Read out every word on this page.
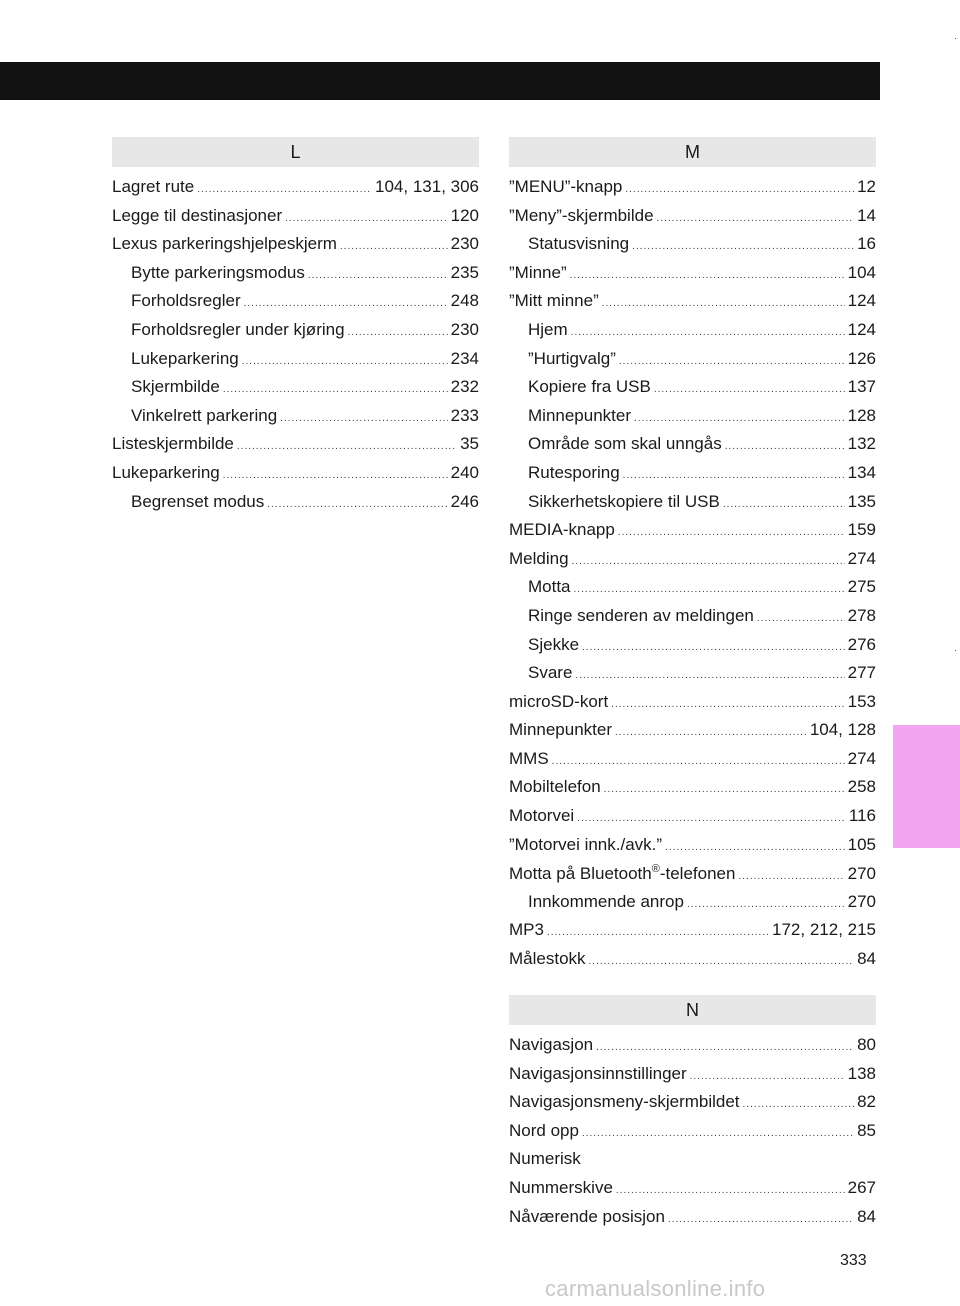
L
Lagret rute .....	104, 131, 306
Legge til destinasjoner .....	120
Lexus parkeringshjelpeskjerm .....	230
Bytte parkeringsmodus .....	235
Forholdsregler .....	248
Forholdsregler under kjøring .....	230
Lukeparkering .....	234
Skjermbilde .....	232
Vinkelrett parkering .....	233
Listeskjermbilde .....	35
Lukeparkering .....	240
Begrenset modus .....	246
M
”MENU”-knapp .....	12
”Meny”-skjermbilde .....	14
Statusvisning .....	16
”Minne” .....	104
”Mitt minne” .....	124
Hjem .....	124
”Hurtigvalg” .....	126
Kopiere fra USB .....	137
Minnepunkter .....	128
Område som skal unngås .....	132
Rutesporing .....	134
Sikkerhetskopiere til USB .....	135
MEDIA-knapp .....	159
Melding .....	274
Motta .....	275
Ringe senderen av meldingen .....	278
Sjekke .....	276
Svare .....	277
microSD-kort .....	153
Minnepunkter .....	104, 128
MMS .....	274
Mobiltelefon .....	258
Motorvei .....	116
”Motorvei innk./avk.” .....	105
Motta på Bluetooth®-telefonen .....	270
Innkommende anrop .....	270
MP3 .....	172, 212, 215
Målestokk .....	84
N
Navigasjon .....	80
Navigasjonsinnstillinger .....	138
Navigasjonsmeny-skjermbildet .....	82
Nord opp .....	85
Numerisk
Nummerskive .....	267
Nåværende posisjon .....	84
333
carmanualsonline.info
